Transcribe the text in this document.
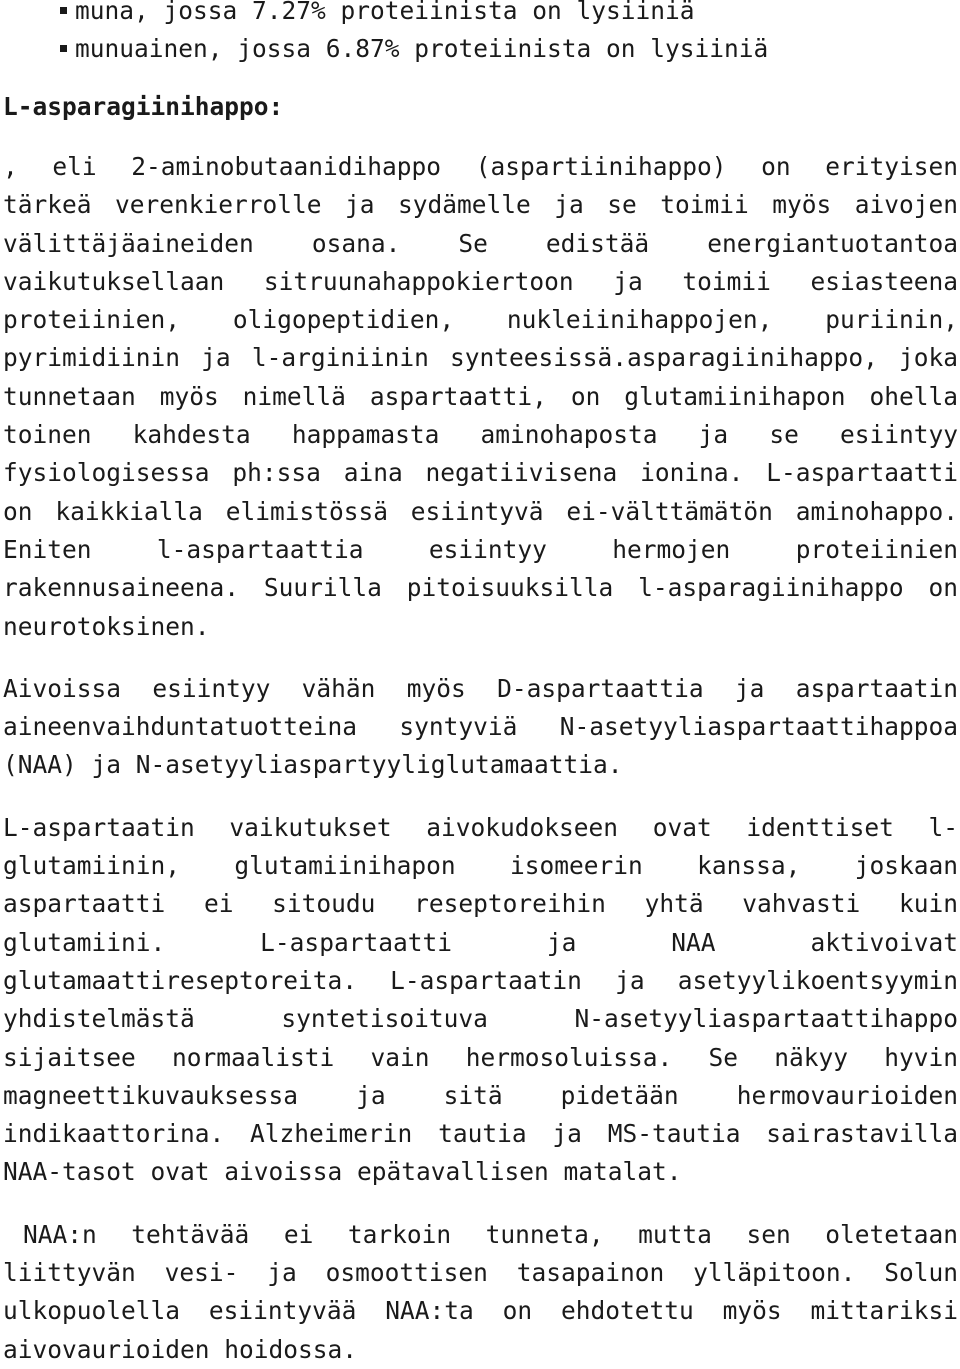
muna, jossa 7.27% proteiinista on lysiiniä
munuainen, jossa 6.87% proteiinista on lysiiniä
L-asparagiinihappo:

, eli 2-aminobutaanidihappo (aspartiinihappo) on erityisen tärkeä verenkierrolle ja sydämelle ja se toimii myös aivojen välittäjäaineiden osana. Se edistää energiantuotantoa vaikutuksellaan sitruunahappokiertoon ja toimii esiasteena proteiinien, oligopeptidien, nukleiinihappojen, puriinin, pyrimidiinin ja l-arginiinin synteesissä.asparagiinihappo, joka tunnetaan myös nimellä aspartaatti, on glutamiinihapon ohella toinen kahdesta happamasta aminohaposta ja se esiintyy fysiologisessa ph:ssa aina negatiivisena ionina. L-aspartaatti on kaikkialla elimistössä esiintyvä ei-välttämätön aminohappo. Eniten l-aspartaattia esiintyy hermojen proteiinien rakennusaineena. Suurilla pitoisuuksilla l-asparagiinihappo on neurotoksinen.

Aivoissa esiintyy vähän myös D-aspartaattia ja aspartaatin aineenvaihduntatuotteina syntyviä N-asetyyliaspartaattihappoa (NAA) ja N-asetyyliaspartyyliglutamaattia.

L-aspartaatin vaikutukset aivokudokseen ovat identtiset l-glutamiinin, glutamiinihapon isomeerin kanssa, joskaan aspartaatti ei sitoudu reseptoreihin yhtä vahvasti kuin glutamiini. L-aspartaatti ja NAA aktivoivat glutamaattireseptoreita. L-aspartaatin ja asetyylikoentsyymin yhdistelmästä syntetisoituva N-asetyyliaspartaattihappo sijaitsee normaalisti vain hermosoluissa. Se näkyy hyvin magneettikuvauksessa ja sitä pidetään hermovaurioiden indikaattorina. Alzheimerin tautia ja MS-tautia sairastavilla NAA-tasot ovat aivoissa epätavallisen matalat.

NAA:n tehtävää ei tarkoin tunneta, mutta sen oletetaan liittyvän vesi- ja osmoottisen tasapainon ylläpitoon. Solun ulkopuolella esiintyvää NAA:ta on ehdotettu myös mittariksi aivovaurioiden hoidossa.
